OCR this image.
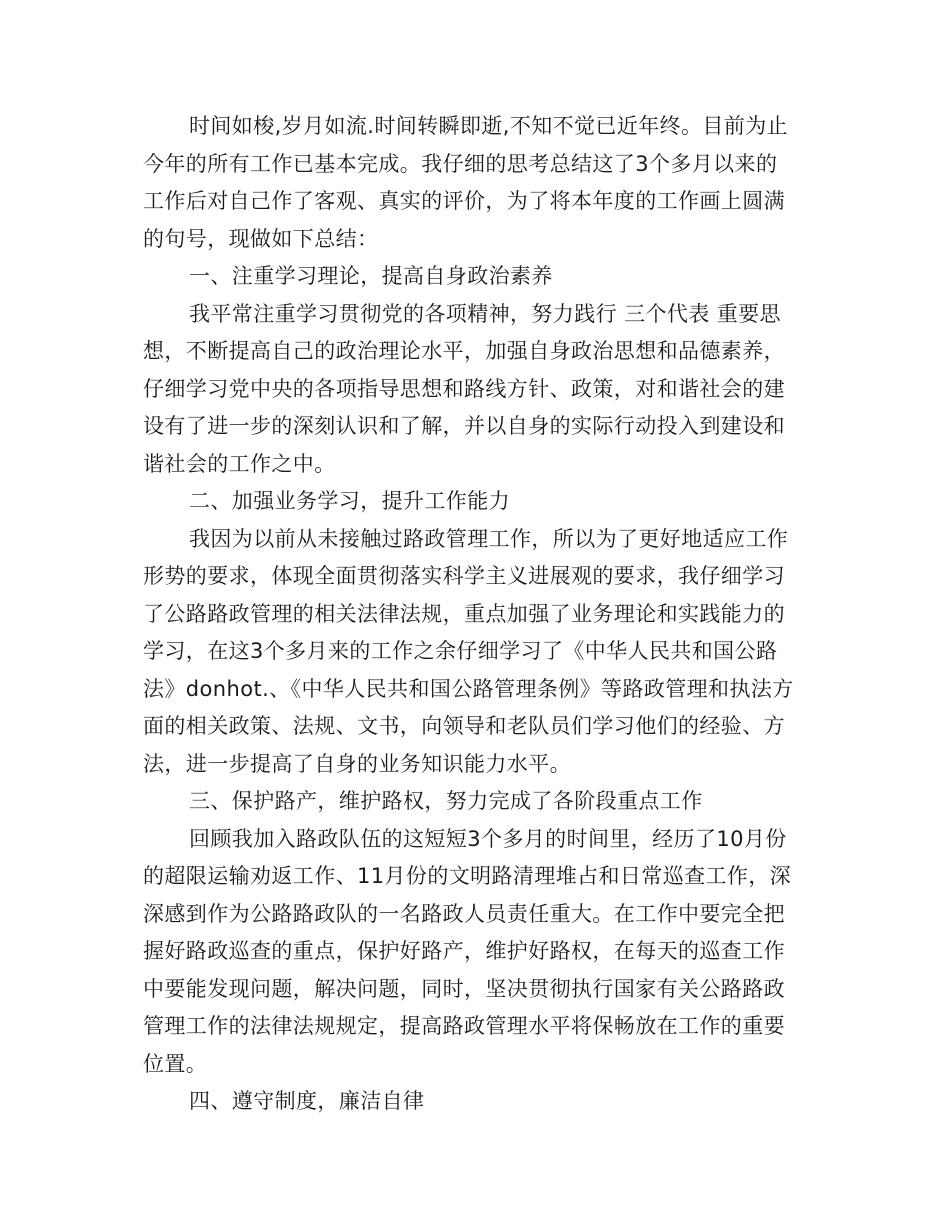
时间如梭,岁月如流.时间转瞬即逝,不知不觉已近年终。目前为止
今年的所有工作已基本完成。我仔细的思考总结这了3个多月以来的
工作后对自己作了客观、真实的评价，为了将本年度的工作画上圆满
的句号，现做如下总结：
一、注重学习理论，提高自身政治素养
我平常注重学习贯彻党的各项精神，努力践行 三个代表 重要思
想，不断提高自己的政治理论水平，加强自身政治思想和品德素养，
仔细学习党中央的各项指导思想和路线方针、政策，对和谐社会的建
设有了进一步的深刻认识和了解，并以自身的实际行动投入到建设和
谐社会的工作之中。
二、加强业务学习，提升工作能力
我因为以前从未接触过路政管理工作，所以为了更好地适应工作
形势的要求，体现全面贯彻落实科学主义进展观的要求，我仔细学习
了公路路政管理的相关法律法规，重点加强了业务理论和实践能力的
学习，在这3个多月来的工作之余仔细学习了《中华人民共和国公路
法》donhot.、《中华人民共和国公路管理条例》等路政管理和执法方
面的相关政策、法规、文书，向领导和老队员们学习他们的经验、方
法，进一步提高了自身的业务知识能力水平。
三、保护路产，维护路权，努力完成了各阶段重点工作
回顾我加入路政队伍的这短短3个多月的时间里，经历了10月份
的超限运输劝返工作、11月份的文明路清理堆占和日常巡查工作，深
深感到作为公路路政队的一名路政人员责任重大。在工作中要完全把
握好路政巡查的重点，保护好路产，维护好路权，在每天的巡查工作
中要能发现问题，解决问题，同时，坚决贯彻执行国家有关公路路政
管理工作的法律法规规定，提高路政管理水平将保畅放在工作的重要
位置。
四、遵守制度，廉洁自律
